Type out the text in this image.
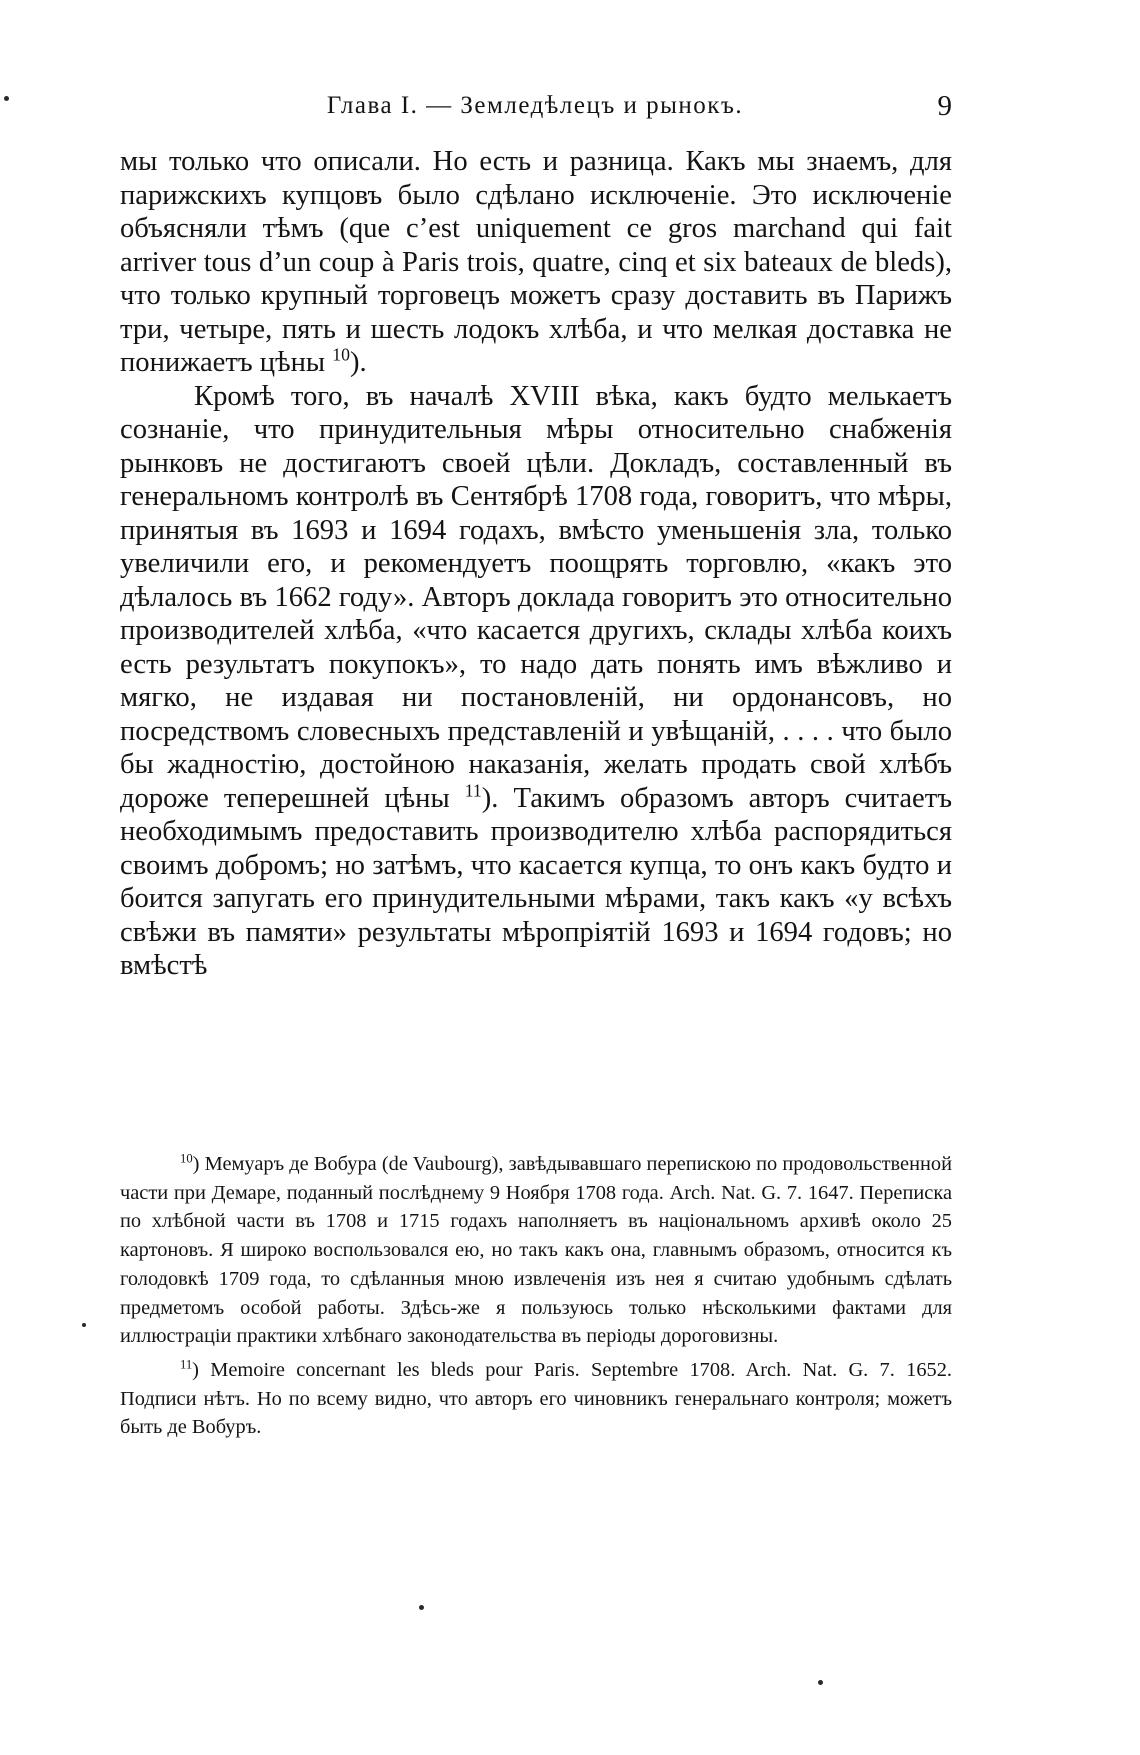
Глава I. — Земледѣлецъ и рынокъ.	9

мы только что описали. Но есть и разница. Какъ мы знаемъ, для парижскихъ купцовъ было сдѣлано исключеніе. Это исключеніе объясняли тѣмъ (que c’est uniquement ce gros marchand qui fait arriver tous d’un coup à Paris trois, quatre, cinq et six bateaux de bleds), что только крупный торговецъ можетъ сразу доставить въ Парижъ три, четыре, пять и шесть лодокъ хлѣба, и что мелкая доставка не понижаетъ цѣны $^{10}$).

Кромѣ того, въ началѣ XVIII вѣка, какъ будто мелькаетъ сознаніе, что принудительныя мѣры относительно снабженія рынковъ не достигаютъ своей цѣли. Докладъ, составленный въ генеральномъ контролѣ въ Сентябрѣ 1708 года, говоритъ, что мѣры, принятыя въ 1693 и 1694 годахъ, вмѣсто уменьшенія зла, только увеличили его, и рекомендуетъ поощрять торговлю, «какъ это дѣлалось въ 1662 году». Авторъ доклада говоритъ это относительно производителей хлѣба, «что касается другихъ, склады хлѣба коихъ есть результатъ покупокъ», то надо дать понять имъ вѣжливо и мягко, не издавая ни постановленій, ни ордонансовъ, но посредствомъ словесныхъ представленій и увѣщаній, . . . . что было бы жадностію, достойною наказанія, желать продать свой хлѣбъ дороже теперешней цѣны $^{11}$). Такимъ образомъ авторъ считаетъ необходимымъ предоставить производителю хлѣба распорядиться своимъ добромъ; но затѣмъ, что касается купца, то онъ какъ будто и боится запугать его принудительными мѣрами, такъ какъ «у всѣхъ свѣжи въ памяти» результаты мѣропріятій 1693 и 1694 годовъ; но вмѣстѣ

$^{10}$) Мемуаръ де Вобура (de Vaubourg), завѣдывавшаго перепискою по продовольственной части при Демаре, поданный послѣднему 9 Ноября 1708 года. Arch. Nat. G. 7. 1647. Переписка по хлѣбной части въ 1708 и 1715 годахъ наполняетъ въ національномъ архивѣ около 25 картоновъ. Я широко воспользовался ею, но такъ какъ она, главнымъ образомъ, относится къ голодовкѣ 1709 года, то сдѣланныя мною извлеченія изъ нея я считаю удобнымъ сдѣлать предметомъ особой работы. Здѣсь-же я пользуюсь только нѣсколькими фактами для иллюстраціи практики хлѣбнаго законодательства въ періоды дороговизны.

$^{11}$) Memoire concernant les bleds pour Paris. Septembre 1708. Arch. Nat. G. 7. 1652. Подписи нѣтъ. Но по всему видно, что авторъ его чиновникъ генеральнаго контроля; можетъ быть де Вобуръ.
